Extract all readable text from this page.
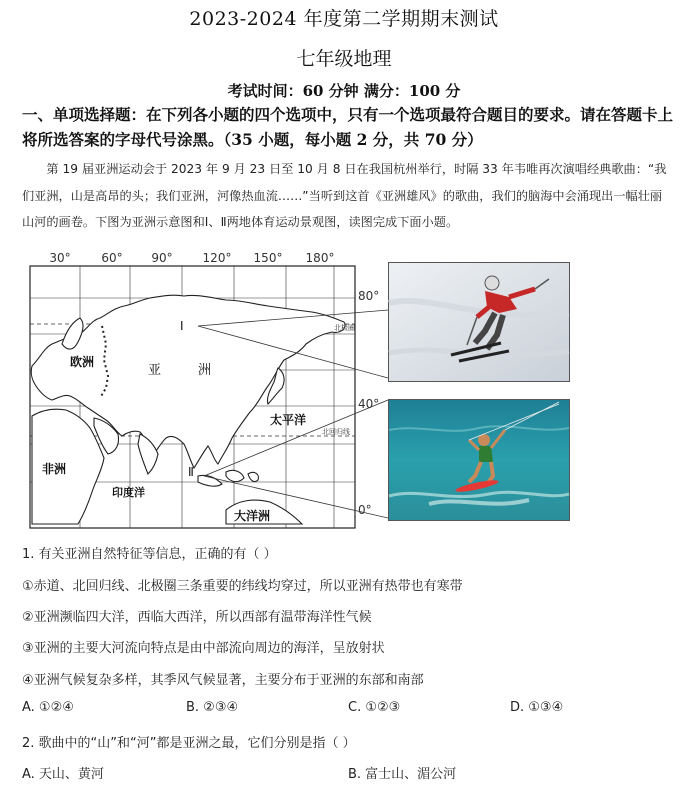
2023-2024 年度第二学期期末测试
七年级地理
考试时间：60 分钟 满分：100 分
一、单项选择题：在下列各小题的四个选项中，只有一个选项最符合题目的要求。请在答题卡上将所选答案的字母代号涂黑。（35 小题，每小题 2 分，共 70 分）
第 19 届亚洲运动会于 2023 年 9 月 23 日至 10 月 8 日在我国杭州举行，时隔 33 年韦唯再次演唱经典歌曲：“我们亚洲，山是高昂的头；我们亚洲，河像热血流……”当听到这首《亚洲雄风》的歌曲，我们的脑海中会涌现出一幅壮丽山河的画卷。下图为亚洲示意图和Ⅰ、Ⅱ两地体育运动景观图，读图完成下面小题。
30°	60° 90° 120° 150° 180°
80°
40°
0°
欧洲
亚	洲
非洲
太平洋
印度洋
大洋洲
北极圈
北回归线
Ⅰ
Ⅱ
1. 有关亚洲自然特征等信息，正确的有（ ）
①赤道、北回归线、北极圈三条重要的纬线均穿过，所以亚洲有热带也有寒带
②亚洲濒临四大洋，西临大西洋，所以西部有温带海洋性气候
③亚洲的主要大河流向特点是由中部流向周边的海洋，呈放射状
④亚洲气候复杂多样，其季风气候显著，主要分布于亚洲的东部和南部
A. ①②④	B. ②③④	C. ①②③	D. ①③④
2. 歌曲中的“山”和“河”都是亚洲之最，它们分别是指（ ）
A. 天山、黄河	B. 富士山、湄公河
